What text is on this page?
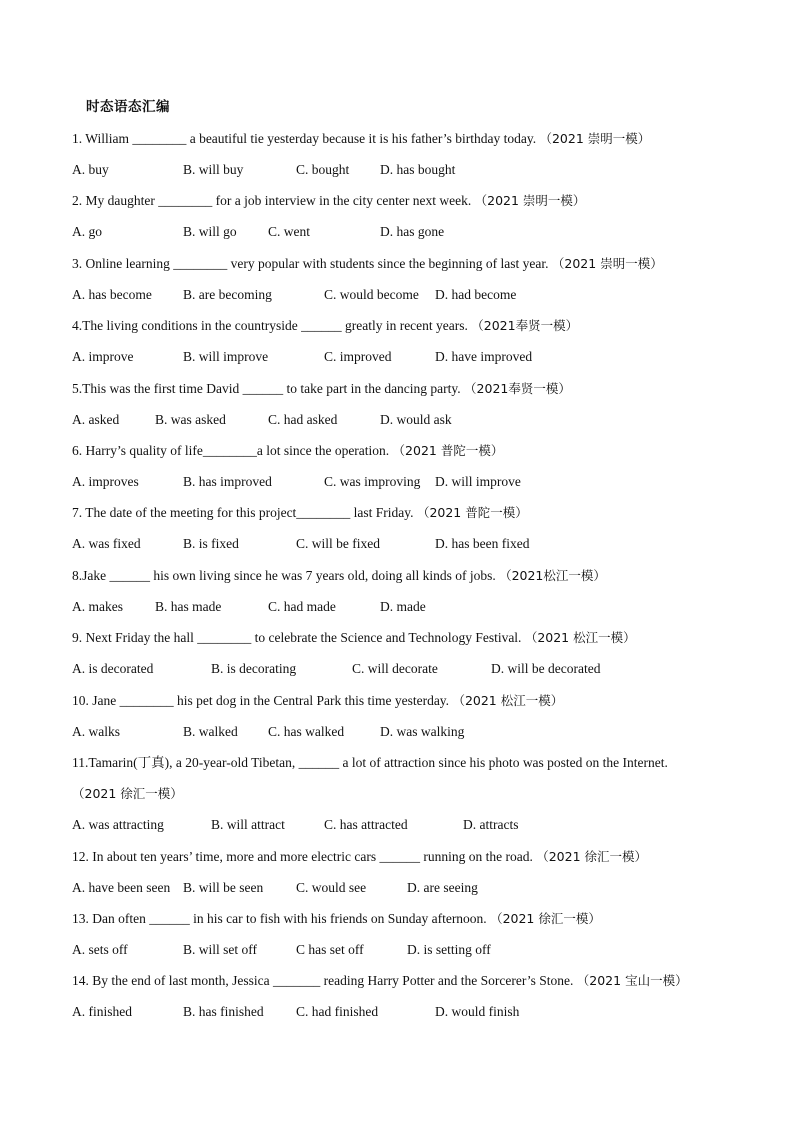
时态语态汇编
1. William ________ a beautiful tie yesterday because it is his father’s birthday today. （2021 崇明一模）
A. buy	B. will buy	C. bought D. has bought
2. My daughter ________ for a job interview in the city center next week. （2021 崇明一模）
A. go	B. will go C. went	D. has gone
3. Online learning ________ very popular with students since the beginning of last year. （2021 崇明一模）
A. has become B. are becoming	C. would become D. had become
4.The living conditions in the countryside ______ greatly in recent years. （2021奉贤一模）
A. improve	B. will improve	C. improved	D. have improved
5.This was the first time David ______ to take part in the dancing party. （2021奉贤一模）
A. asked	B. was asked	C. had asked	D. would ask
6. Harry’s quality of life________a lot since the operation. （2021 普陀一模）
A. improves	B. has improved	C. was improving D. will improve
7. The date of the meeting for this project________ last Friday. （2021 普陀一模）
A. was fixed	B. is fixed	C. will be fixed	D. has been fixed
8.Jake ______ his own living since he was 7 years old, doing all kinds of jobs. （2021松江一模）
A. makes B. has made	C. had made	D. made
9. Next Friday the hall ________ to celebrate the Science and Technology Festival. （2021 松江一模）
A. is decorated	B. is decorating	C. will decorate	D. will be decorated
10. Jane ________ his pet dog in the Central Park this time yesterday. （2021 松江一模）
A. walks	B. walked C. has walked	D. was walking
11.Tamarin(丁真), a 20-year-old Tibetan, ______ a lot of attraction since his photo was posted on the Internet.
（2021 徐汇一模）
A. was attracting	B. will attract	C. has attracted	D. attracts
12. In about ten years’ time, more and more electric cars ______ running on the road. （2021 徐汇一模）
A. have been seen B. will be seen C. would see	D. are seeing
13. Dan often ______ in his car to fish with his friends on Sunday afternoon. （2021 徐汇一模）
A. sets off	B. will set off	C has set off	D. is setting off
14. By the end of last month, Jessica _______ reading Harry Potter and the Sorcerer’s Stone. （2021 宝山一模）
A. finished	B. has finished C. had finished	D. would finish
